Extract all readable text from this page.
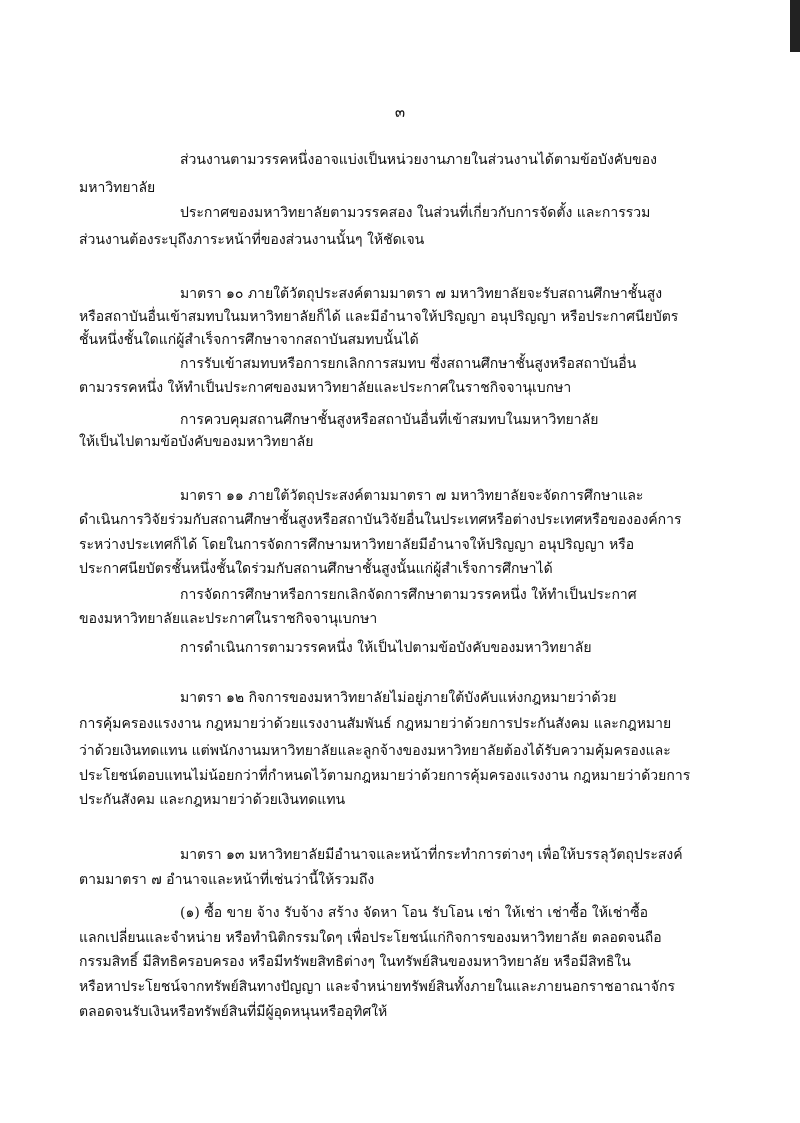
๓
ส่วนงานตามวรรคหนึ่งอาจแบ่งเป็นหน่วยงานภายในส่วนงานได้ตามข้อบังคับของ
มหาวิทยาลัย
ประกาศของมหาวิทยาลัยตามวรรคสอง ในส่วนที่เกี่ยวกับการจัดตั้ง และการรวม
ส่วนงานต้องระบุถึงภาระหน้าที่ของส่วนงานนั้นๆ ให้ชัดเจน
มาตรา ๑๐ ภายใต้วัตถุประสงค์ตามมาตรา ๗ มหาวิทยาลัยจะรับสถานศึกษาชั้นสูง
หรือสถาบันอื่นเข้าสมทบในมหาวิทยาลัยก็ได้ และมีอำนาจให้ปริญญา อนุปริญญา หรือประกาศนียบัตร
ชั้นหนึ่งชั้นใดแก่ผู้สำเร็จการศึกษาจากสถาบันสมทบนั้นได้
การรับเข้าสมทบหรือการยกเลิกการสมทบ ซึ่งสถานศึกษาชั้นสูงหรือสถาบันอื่น
ตามวรรคหนึ่ง ให้ทำเป็นประกาศของมหาวิทยาลัยและประกาศในราชกิจจานุเบกษา
การควบคุมสถานศึกษาชั้นสูงหรือสถาบันอื่นที่เข้าสมทบในมหาวิทยาลัย
ให้เป็นไปตามข้อบังคับของมหาวิทยาลัย
มาตรา ๑๑ ภายใต้วัตถุประสงค์ตามมาตรา ๗ มหาวิทยาลัยจะจัดการศึกษาและ
ดำเนินการวิจัยร่วมกับสถานศึกษาชั้นสูงหรือสถาบันวิจัยอื่นในประเทศหรือต่างประเทศหรือขององค์การ
ระหว่างประเทศก็ได้ โดยในการจัดการศึกษามหาวิทยาลัยมีอำนาจให้ปริญญา อนุปริญญา หรือ
ประกาศนียบัตรชั้นหนึ่งชั้นใดร่วมกับสถานศึกษาชั้นสูงนั้นแก่ผู้สำเร็จการศึกษาได้
การจัดการศึกษาหรือการยกเลิกจัดการศึกษาตามวรรคหนึ่ง ให้ทำเป็นประกาศ
ของมหาวิทยาลัยและประกาศในราชกิจจานุเบกษา
การดำเนินการตามวรรคหนึ่ง ให้เป็นไปตามข้อบังคับของมหาวิทยาลัย
มาตรา ๑๒ กิจการของมหาวิทยาลัยไม่อยู่ภายใต้บังคับแห่งกฎหมายว่าด้วย
การคุ้มครองแรงงาน กฎหมายว่าด้วยแรงงานสัมพันธ์ กฎหมายว่าด้วยการประกันสังคม และกฎหมาย
ว่าด้วยเงินทดแทน แต่พนักงานมหาวิทยาลัยและลูกจ้างของมหาวิทยาลัยต้องได้รับความคุ้มครองและ
ประโยชน์ตอบแทนไม่น้อยกว่าที่กำหนดไว้ตามกฎหมายว่าด้วยการคุ้มครองแรงงาน กฎหมายว่าด้วยการ
ประกันสังคม และกฎหมายว่าด้วยเงินทดแทน
มาตรา ๑๓ มหาวิทยาลัยมีอำนาจและหน้าที่กระทำการต่างๆ เพื่อให้บรรลุวัตถุประสงค์
ตามมาตรา ๗ อำนาจและหน้าที่เช่นว่านี้ให้รวมถึง
(๑) ซื้อ ขาย จ้าง รับจ้าง สร้าง จัดหา โอน รับโอน เช่า ให้เช่า เช่าซื้อ ให้เช่าซื้อ
แลกเปลี่ยนและจำหน่าย หรือทำนิติกรรมใดๆ เพื่อประโยชน์แก่กิจการของมหาวิทยาลัย ตลอดจนถือ
กรรมสิทธิ์ มีสิทธิครอบครอง หรือมีทรัพยสิทธิต่างๆ ในทรัพย์สินของมหาวิทยาลัย หรือมีสิทธิใน
หรือหาประโยชน์จากทรัพย์สินทางปัญญา และจำหน่ายทรัพย์สินทั้งภายในและภายนอกราชอาณาจักร
ตลอดจนรับเงินหรือทรัพย์สินที่มีผู้อุดหนุนหรืออุทิศให้
